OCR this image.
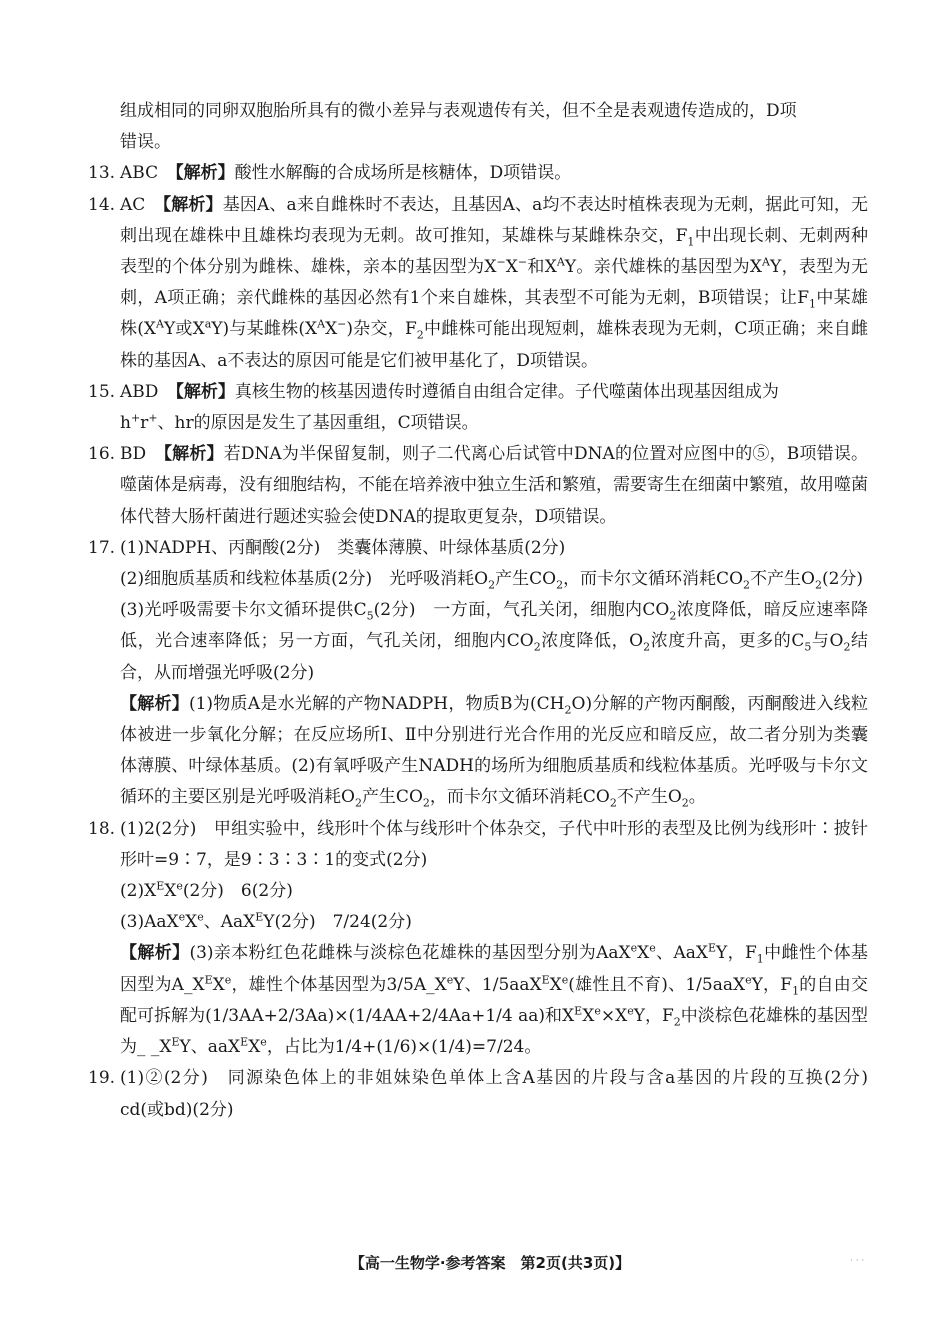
组成相同的同卵双胞胎所具有的微小差异与表观遗传有关，但不全是表观遗传造成的，D项
错误。

13. ABC　 【解析】酸性水解酶的合成场所是核糖体，D项错误。

14. AC　 【解析】基因A、a来自雌株时不表达，且基因A、a均不表达时植株表现为无刺，据此可知，无刺出现在雄株中且雄株均表现为无刺。故可推知，某雄株与某雌株杂交，$F_1$中出现长刺、无刺两种表型的个体分别为雌株、雄株，亲本的基因型为X−X−和$X^AY$。亲代雄株的基因型为$X^AY$，表型为无刺，A项正确；亲代雌株的基因必然有1个来自雄株，其表型不可能为无刺，B项错误；让$F_1$中某雄株($X^AY$或$X^aY$)与某雌株$(X^AX^-)$杂交，$F_2$中雌株可能出现短刺，雄株表现为无刺，C项正确；来自雌株的基因A、a不表达的原因可能是它们被甲基化了，D项错误。

15. ABD　 【解析】真核生物的核基因遗传时遵循自由组合定律。子代噬菌体出现基因组成为
h+r+、hr的原因是发生了基因重组，C项错误。

16. BD　 【解析】若DNA为半保留复制，则子二代离心后试管中DNA的位置对应图中的⑤，B项错误。噬菌体是病毒，没有细胞结构，不能在培养液中独立生活和繁殖，需要寄生在细菌中繁殖，故用噬菌体代替大肠杆菌进行题述实验会使DNA的提取更复杂，D项错误。

17. (1)NADPH、丙酮酸(2分)　类囊体薄膜、叶绿体基质(2分)

(2)细胞质基质和线粒体基质(2分)　光呼吸消耗$O_2$产生$CO_2$，而卡尔文循环消耗$CO_2$不产生$O_2(2$分)

(3)光呼吸需要卡尔文循环提供$C_5(2$分)　一方面，气孔关闭，细胞内$CO_2$浓度降低，暗反应速率降低，光合速率降低；另一方面，气孔关闭，细胞内$CO_2$浓度降低，$O_2$浓度升高，更多的$C_5$与$O_2$结合，从而增强光呼吸(2分)

【解析】(1)物质A是水光解的产物NADPH，物质B为$(CH_2O)$分解的产物丙酮酸，丙酮酸进入线粒体被进一步氧化分解；在反应场所Ⅰ、Ⅱ中分别进行光合作用的光反应和暗反应，故二者分别为类囊体薄膜、叶绿体基质。(2)有氧呼吸产生NADH的场所为细胞质基质和线粒体基质。光呼吸与卡尔文循环的主要区别是光呼吸消耗$O_2$产生$CO_2$，而卡尔文循环消耗$CO_2$不产生$O_2$。

18. (1)2(2分)　甲组实验中，线形叶个体与线形叶个体杂交，子代中叶形的表型及比例为线形叶∶披针形叶=9∶7，是9∶3∶3∶1的变式(2分)

$(2)X^EXe(2$分)　6(2分)

(3)AaX$^e$Xe、AaX$^E$Y(2分)　7/24(2分)

【解析】(3)亲本粉红色花雌株与淡棕色花雄株的基因型分别为AaX$^e$Xe、AaX$^E$Y，$F_1$中雌性个体基因型为$A\_X^EXe$，雄性个体基因型为3/5A_XeY、1/5aaX$^E$Xe(雄性且不育)、1/5aaX$^e$Y，$F_1$的自由交配可拆解为(1/3AA+2/3Aa)×(1/4AA+2/4Aa+1/4 aa)和$X^EX^e\times X^eY$，$F_2$中淡棕色花雄株的基因型为_ $\_X^EY$、aaX$^E$Xe，占比为1/4+(1/6)×(1/4)=7/24。

19. (1)②(2分)　同源染色体上的非姐妹染色单体上含A基因的片段与含a基因的片段的互换(2分)　cd(或bd)(2分)

【高一生物学·参考答案　第2页(共3页)】	· · ·
